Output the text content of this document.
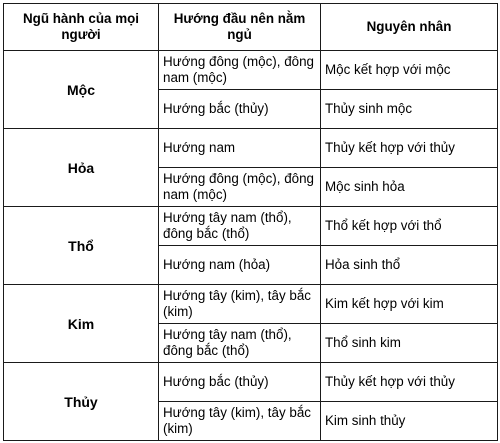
Ngũ hành của mọi người	Hướng đầu nên nằm ngủ	Nguyên nhân
Mộc	Hướng đông (mộc), đông nam (mộc)	Mộc kết hợp với mộc
	Hướng bắc (thủy)	Thủy sinh mộc
Hỏa	Hướng nam	Thủy kết hợp với thủy
	Hướng đông (mộc), đông nam (mộc)	Mộc sinh hỏa
Thổ	Hướng tây nam (thổ), đông bắc (thổ)	Thổ kết hợp với thổ
	Hướng nam (hỏa)	Hỏa sinh thổ
Kim	Hướng tây (kim), tây bắc (kim)	Kim kết hợp với kim
	Hướng tây nam (thổ), đông bắc (thổ)	Thổ sinh kim
Thủy	Hướng bắc (thủy)	Thủy kết hợp với thủy
	Hướng tây (kim), tây bắc (kim)	Kim sinh thủy
